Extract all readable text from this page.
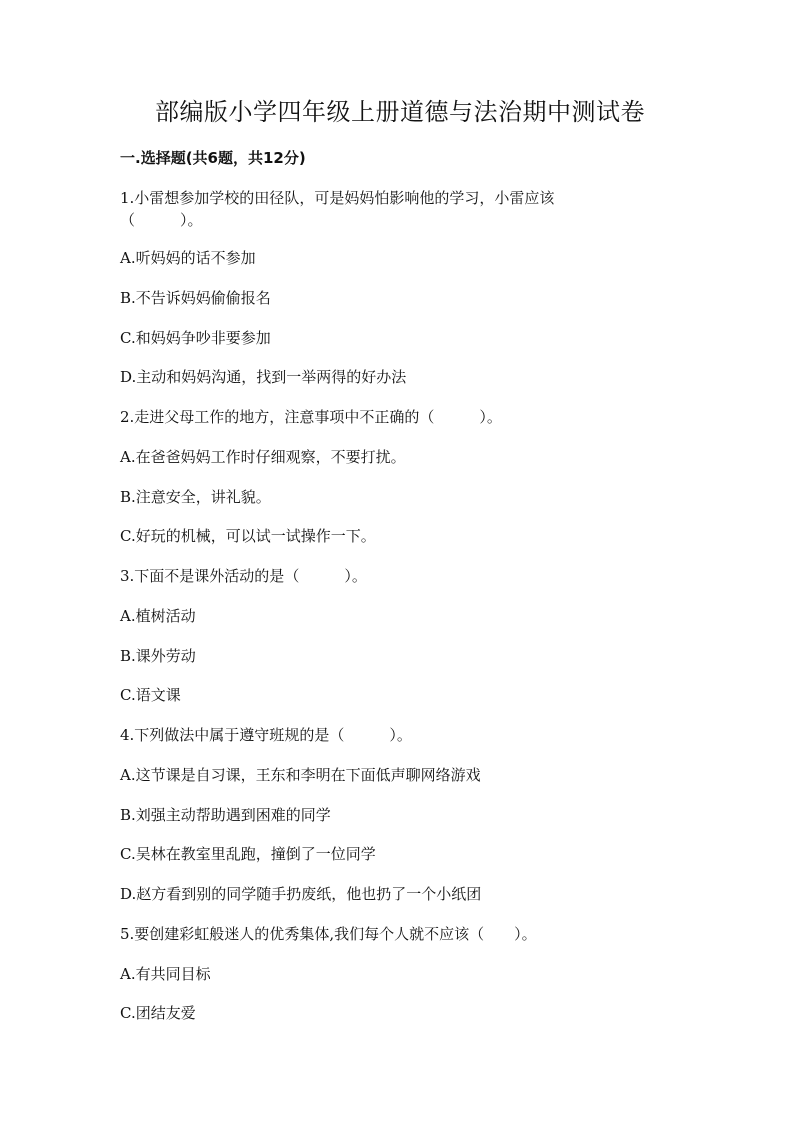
部编版小学四年级上册道德与法治期中测试卷
一.选择题(共6题，共12分)
1.小雷想参加学校的田径队，可是妈妈怕影响他的学习，小雷应该
（　　　）。
A.听妈妈的话不参加
B.不告诉妈妈偷偷报名
C.和妈妈争吵非要参加
D.主动和妈妈沟通，找到一举两得的好办法
2.走进父母工作的地方，注意事项中不正确的（　　　）。
A.在爸爸妈妈工作时仔细观察，不要打扰。
B.注意安全，讲礼貌。
C.好玩的机械，可以试一试操作一下。
3.下面不是课外活动的是（　　　）。
A.植树活动
B.课外劳动
C.语文课
4.下列做法中属于遵守班规的是（　　　）。
A.这节课是自习课，王东和李明在下面低声聊网络游戏
B.刘强主动帮助遇到困难的同学
C.吴林在教室里乱跑，撞倒了一位同学
D.赵方看到别的同学随手扔废纸，他也扔了一个小纸团
5.要创建彩虹般迷人的优秀集体,我们每个人就不应该（　　）。
A.有共同目标
C.团结友爱
